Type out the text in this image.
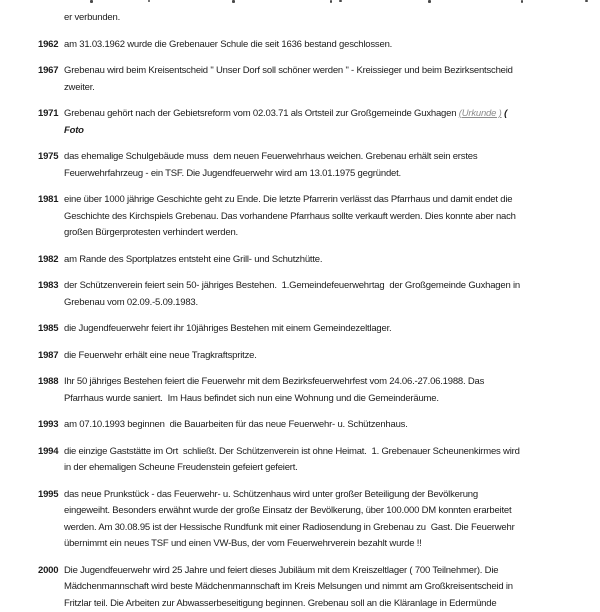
er verbunden.
1962 am 31.03.1962 wurde die Grebenauer Schule die seit 1636 bestand geschlossen.
1967 Grebenau wird beim Kreisentscheid " Unser Dorf soll schöner werden " - Kreissieger und beim Bezirksentscheid
zweiter.
1971 Grebenau gehört nach der Gebietsreform vom 02.03.71 als Ortsteil zur Großgemeinde Guxhagen (Urkunde ) (
Foto
1975 das ehemalige Schulgebäude muss  dem neuen Feuerwehrhaus weichen. Grebenau erhält sein erstes
Feuerwehrfahrzeug - ein TSF. Die Jugendfeuerwehr wird am 13.01.1975 gegründet.
1981 eine über 1000 jährige Geschichte geht zu Ende. Die letzte Pfarrerin verlässt das Pfarrhaus und damit endet die
Geschichte des Kirchspiels Grebenau. Das vorhandene Pfarrhaus sollte verkauft werden. Dies konnte aber nach
großen Bürgerprotesten verhindert werden.
1982 am Rande des Sportplatzes entsteht eine Grill- und Schutzhütte.
1983 der Schützenverein feiert sein 50- jähriges Bestehen.  1.Gemeindefeuerwehrtag  der Großgemeinde Guxhagen in
Grebenau vom 02.09.-5.09.1983.
1985 die Jugendfeuerwehr feiert ihr 10jähriges Bestehen mit einem Gemeindezeltlager.
1987 die Feuerwehr erhält eine neue Tragkraftspritze.
1988 Ihr 50 jähriges Bestehen feiert die Feuerwehr mit dem Bezirksfeuerwehrfest vom 24.06.-27.06.1988. Das
Pfarrhaus wurde saniert.  Im Haus befindet sich nun eine Wohnung und die Gemeinderäume.
1993 am 07.10.1993 beginnen  die Bauarbeiten für das neue Feuerwehr- u. Schützenhaus.
1994 die einzige Gaststätte im Ort  schließt. Der Schützenverein ist ohne Heimat.  1. Grebenauer Scheunenkirmes wird
in der ehemaligen Scheune Freudenstein gefeiert gefeiert.
1995 das neue Prunkstück - das Feuerwehr- u. Schützenhaus wird unter großer Beteiligung der Bevölkerung
eingeweiht. Besonders erwähnt wurde der große Einsatz der Bevölkerung, über 100.000 DM konnten erarbeitet
werden. Am 30.08.95 ist der Hessische Rundfunk mit einer Radiosendung in Grebenau zu  Gast. Die Feuerwehr
übernimmt ein neues TSF und einen VW-Bus, der vom Feuerwehrverein bezahlt wurde !!
2000 Die Jugendfeuerwehr wird 25 Jahre und feiert dieses Jubiläum mit dem Kreiszeltlager ( 700 Teilnehmer). Die
Mädchenmannschaft wird beste Mädchenmannschaft im Kreis Melsungen und nimmt am Großkreisentscheid in
Fritzlar teil. Die Arbeiten zur Abwasserbeseitigung beginnen. Grebenau soll an die Kläranlage in Edermünde
